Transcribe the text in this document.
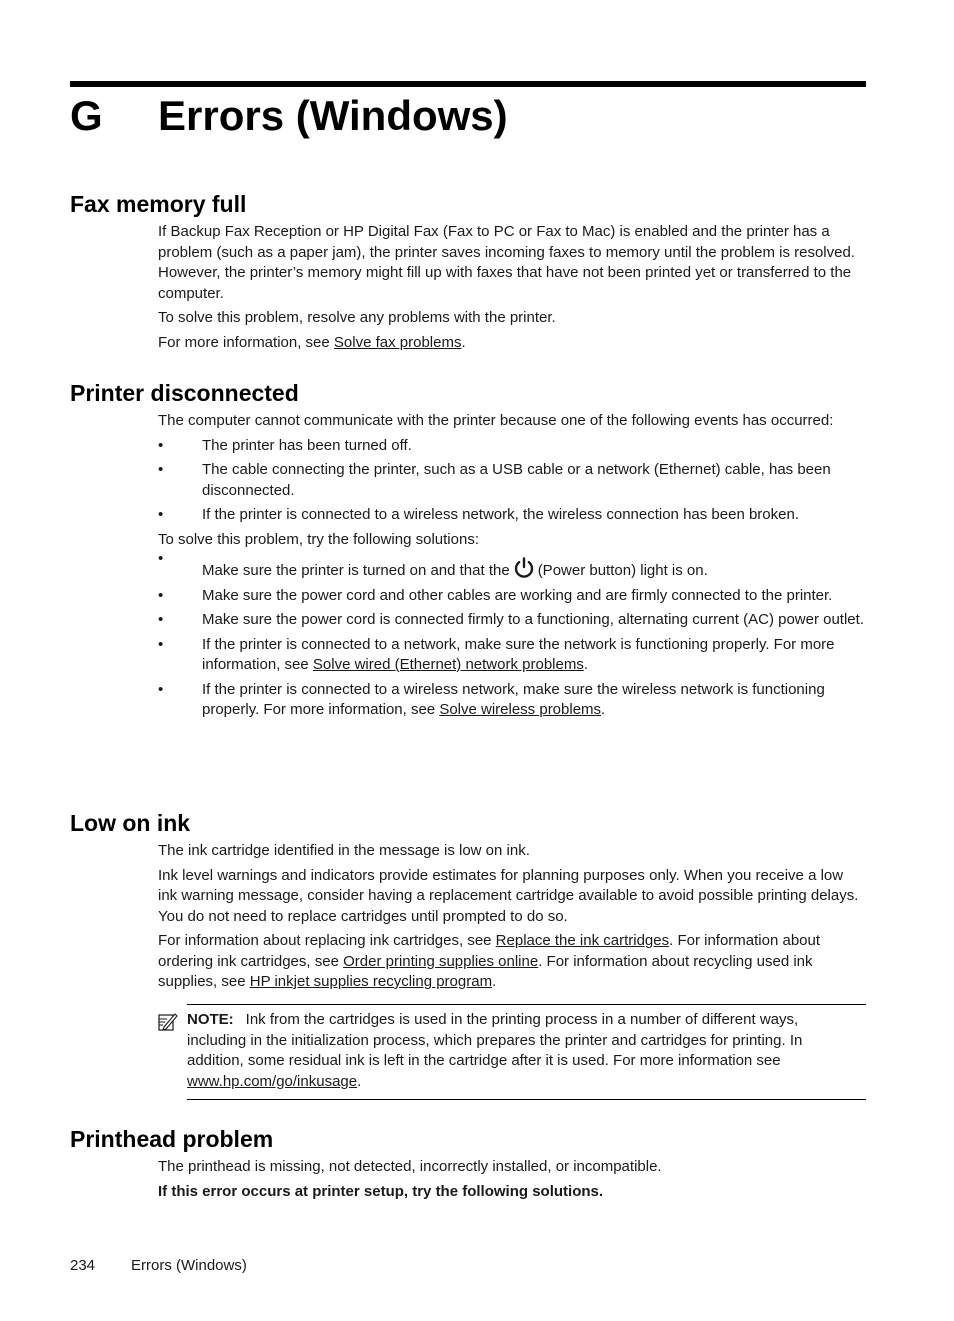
G Errors (Windows)
Fax memory full

If Backup Fax Reception or HP Digital Fax (Fax to PC or Fax to Mac) is enabled and the printer has a problem (such as a paper jam), the printer saves incoming faxes to memory until the problem is resolved. However, the printer’s memory might fill up with faxes that have not been printed yet or transferred to the computer.

To solve this problem, resolve any problems with the printer.

For more information, see Solve fax problems.

Printer disconnected

The computer cannot communicate with the printer because one of the following events has occurred:

•	The printer has been turned off.
•	The cable connecting the printer, such as a USB cable or a network (Ethernet) cable, has been disconnected.
•	If the printer is connected to a wireless network, the wireless connection has been broken.

To solve this problem, try the following solutions:

•
Make sure the printer is turned on and that the (Power button) light is on.
•	Make sure the power cord and other cables are working and are firmly connected to the printer.
•	Make sure the power cord is connected firmly to a functioning, alternating current (AC) power outlet.
•	If the printer is connected to a network, make sure the network is functioning properly. For more information, see Solve wired (Ethernet) network problems.
•	If the printer is connected to a wireless network, make sure the wireless network is functioning properly. For more information, see Solve wireless problems.
Low on ink

The ink cartridge identified in the message is low on ink.

Ink level warnings and indicators provide estimates for planning purposes only. When you receive a low ink warning message, consider having a replacement cartridge available to avoid possible printing delays. You do not need to replace cartridges until prompted to do so.

For information about replacing ink cartridges, see Replace the ink cartridges. For information about ordering ink cartridges, see Order printing supplies online. For information about recycling used ink supplies, see HP inkjet supplies recycling program.

NOTE: Ink from the cartridges is used in the printing process in a number of different ways, including in the initialization process, which prepares the printer and cartridges for printing. In addition, some residual ink is left in the cartridge after it is used. For more information see www.hp.com/go/inkusage.
Printhead problem

The printhead is missing, not detected, incorrectly installed, or incompatible.

If this error occurs at printer setup, try the following solutions.

234 Errors (Windows)
